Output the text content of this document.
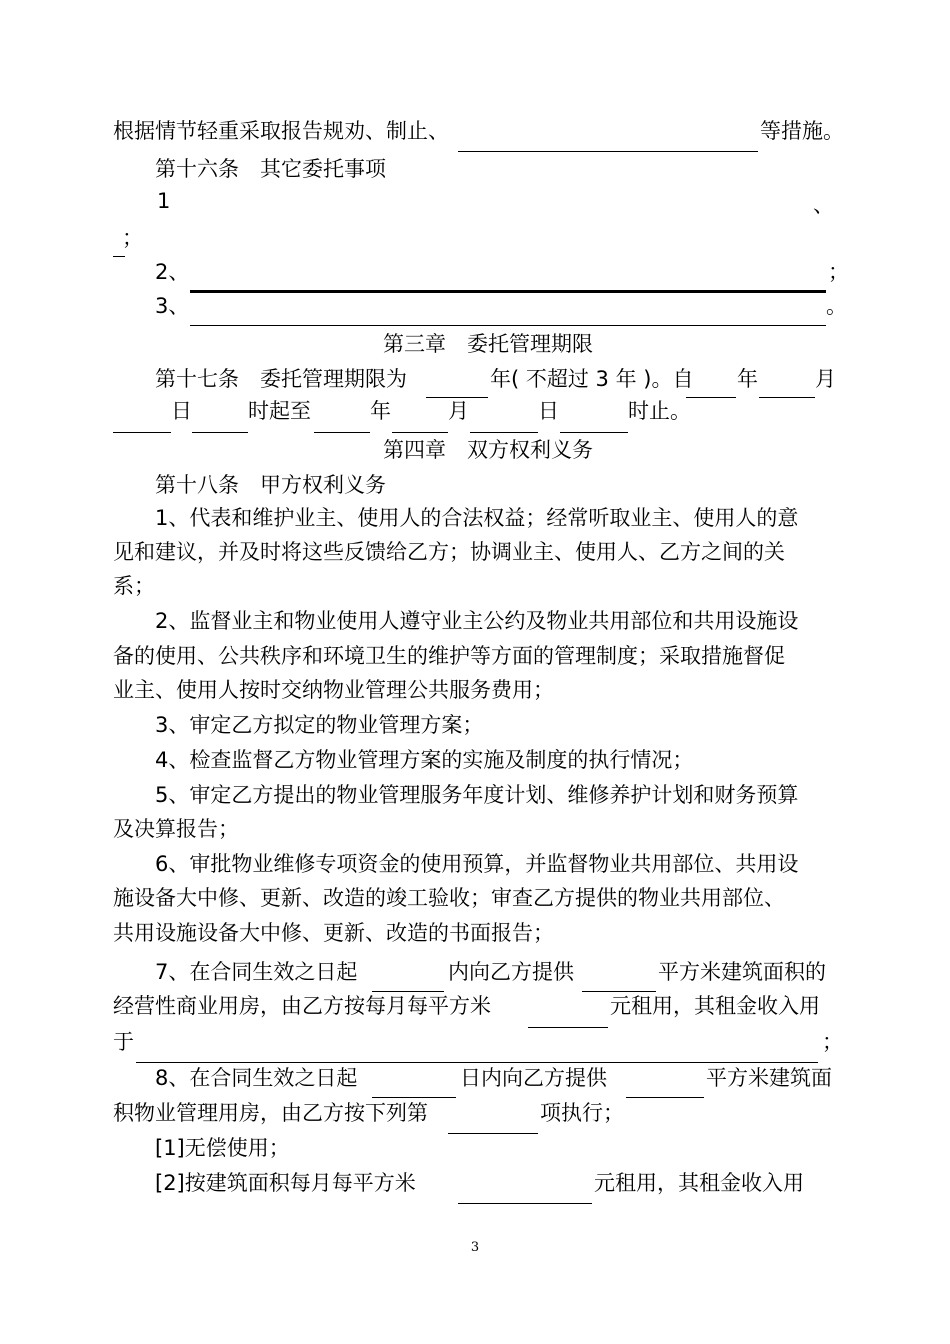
根据情节轻重采取报告规劝、制止、	等措施。
第十六条　其它委托事项
1	、
；
2、	；
3、	。
第三章　委托管理期限
第十七条　委托管理期限为	年( 不超过 3 年 )。自 年	月
日	时起至	年	月	日	时止。
第四章　双方权利义务
第十八条　甲方权利义务
1、代表和维护业主、使用人的合法权益；经常听取业主、使用人的意
见和建议，并及时将这些反馈给乙方；协调业主、使用人、乙方之间的关
系；
2、监督业主和物业使用人遵守业主公约及物业共用部位和共用设施设
备的使用、公共秩序和环境卫生的维护等方面的管理制度；采取措施督促
业主、使用人按时交纳物业管理公共服务费用；
3、审定乙方拟定的物业管理方案；
4、检查监督乙方物业管理方案的实施及制度的执行情况；
5、审定乙方提出的物业管理服务年度计划、维修养护计划和财务预算
及决算报告；
6、审批物业维修专项资金的使用预算，并监督物业共用部位、共用设
施设备大中修、更新、改造的竣工验收；审查乙方提供的物业共用部位、
共用设施设备大中修、更新、改造的书面报告；
7、在合同生效之日起	内向乙方提供	平方米建筑面积的
经营性商业用房，由乙方按每月每平方米	元租用，其租金收入用
于	；
8、在合同生效之日起	日内向乙方提供	平方米建筑面
积物业管理用房，由乙方按下列第	项执行；
[1]无偿使用；
[2]按建筑面积每月每平方米	元租用，其租金收入用
3
